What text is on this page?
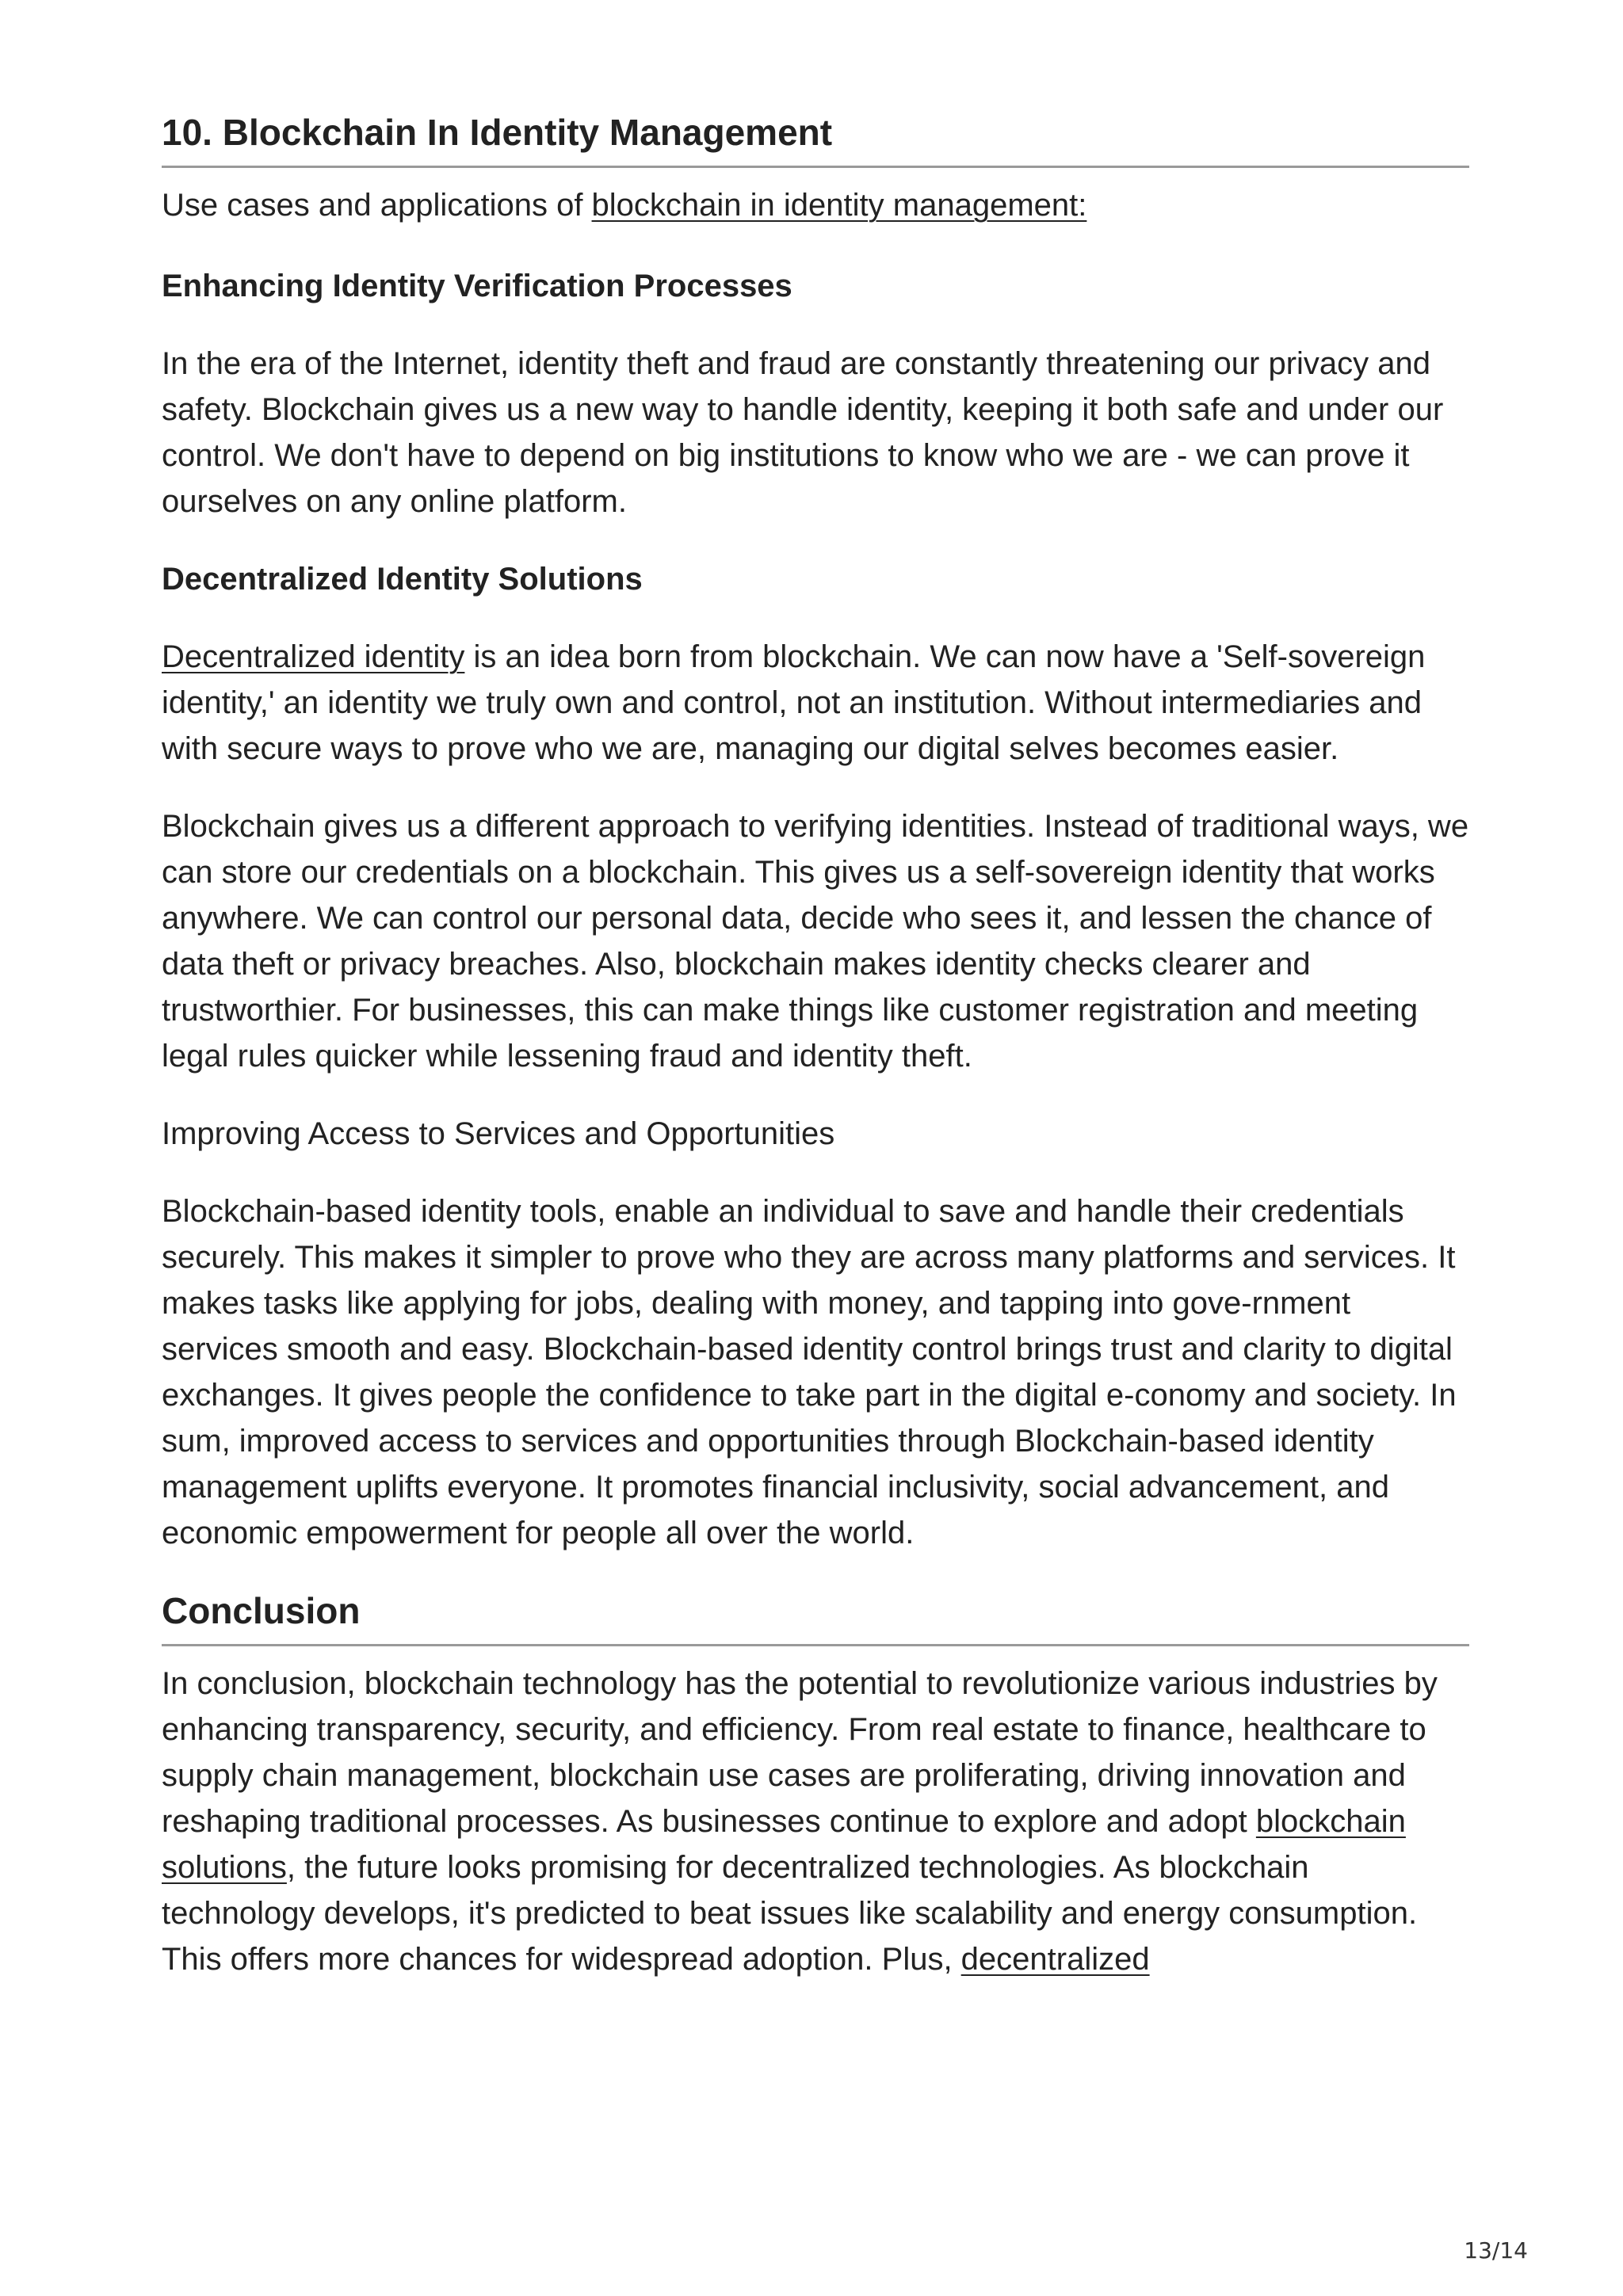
10. Blockchain In Identity Management

Use cases and applications of blockchain in identity management:

Enhancing Identity Verification Processes

In the era of the Internet, identity theft and fraud are constantly threatening our privacy and safety. Blockchain gives us a new way to handle identity, keeping it both safe and under our control. We don't have to depend on big institutions to know who we are - we can prove it ourselves on any online platform.

Decentralized Identity Solutions

Decentralized identity is an idea born from blockchain. We can now have a 'Self-sovereign identity,' an identity we truly own and control, not an institution. Without intermediaries and with secure ways to prove who we are, managing our digital selves becomes easier.

Blockchain gives us a different approach to verifying identities. Instead of traditional ways, we can store our credentials on a blockchain. This gives us a self-sovereign identity that works anywhere. We can control our personal data, decide who sees it, and lessen the chance of data theft or privacy breaches. Also, blockchain makes identity checks clearer and trustworthier. For businesses, this can make things like customer registration and meeting legal rules quicker while lessening fraud and identity theft.

Improving Access to Services and Opportunities

Blockchain-based identity tools, enable an individual to save and handle their credentials securely. This makes it simpler to prove who they are across many platforms and services. It makes tasks like applying for jobs, dealing with money, and tapping into gove-rnment services smooth and easy. Blockchain-based identity control brings trust and clarity to digital exchanges. It gives people the confidence to take part in the digital e-conomy and society. In sum, improved access to services and opportunities through Blockchain-based identity management uplifts everyone. It promotes financial inclusivity, social advancement, and economic empowerment for people all over the world.

Conclusion

In conclusion, blockchain technology has the potential to revolutionize various industries by enhancing transparency, security, and efficiency. From real estate to finance, healthcare to supply chain management, blockchain use cases are proliferating, driving innovation and reshaping traditional processes. As businesses continue to explore and adopt blockchain solutions, the future looks promising for decentralized technologies. As blockchain technology develops, it's predicted to beat issues like scalability and energy consumption. This offers more chances for widespread adoption. Plus, decentralized

13/14
